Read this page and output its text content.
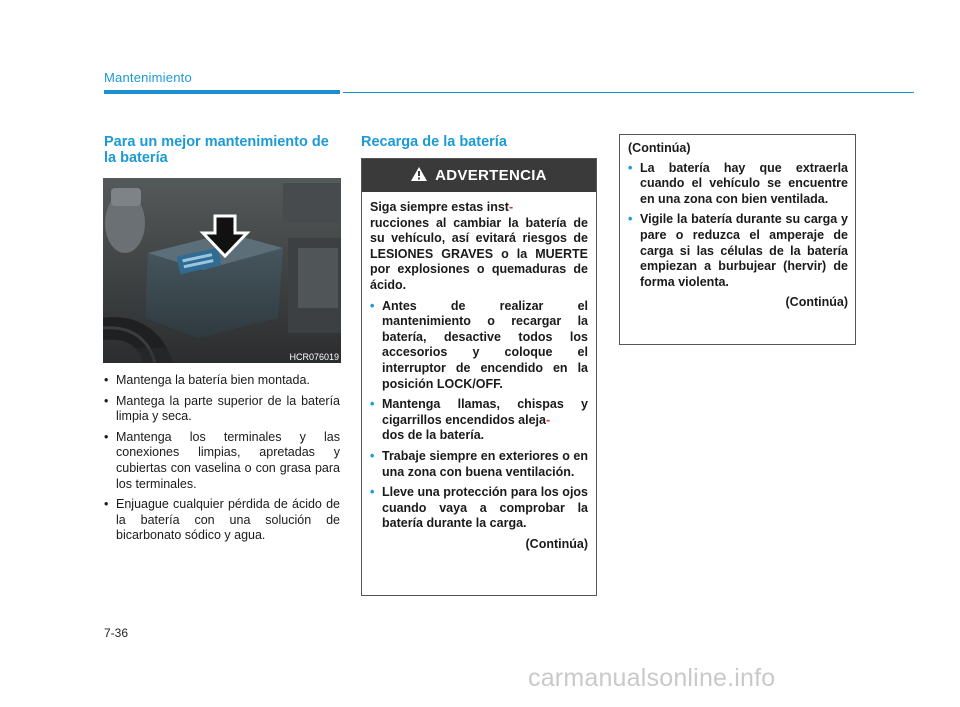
Mantenimiento
Para un mejor mantenimiento de la batería
HCR076019
• Mantenga la batería bien montada.
• Mantega la parte superior de la batería limpia y seca.
• Mantenga los terminales y las conexiones limpias, apretadas y cubiertas con vaselina o con grasa para los terminales.
• Enjuague cualquier pérdida de ácido de la batería con una solución de bicarbonato sódico y agua.
Recarga de la batería
ADVERTENCIA

Siga siempre estas inst-
rucciones al cambiar la batería de su vehículo, así evitará riesgos de LESIONES GRAVES o la MUERTE por explosiones o quemaduras de ácido.

• Antes de realizar el mantenimiento o recargar la batería, desactive todos los accesorios y coloque el interruptor de encendido en la posición LOCK/OFF.
• Mantenga llamas, chispas y cigarrillos encendidos aleja-
dos de la batería.
• Trabaje siempre en exteriores o en una zona con buena ventilación.
• Lleve una protección para los ojos cuando vaya a comprobar la batería durante la carga.

(Continúa)

(Continúa)

• La batería hay que extraerla cuando el vehículo se encuentre en una zona con bien ventilada.
• Vigile la batería durante su carga y pare o reduzca el amperaje de carga si las células de la batería empiezan a burbujear (hervir) de forma violenta.

(Continúa)

7-36
carmanualsonline.info
